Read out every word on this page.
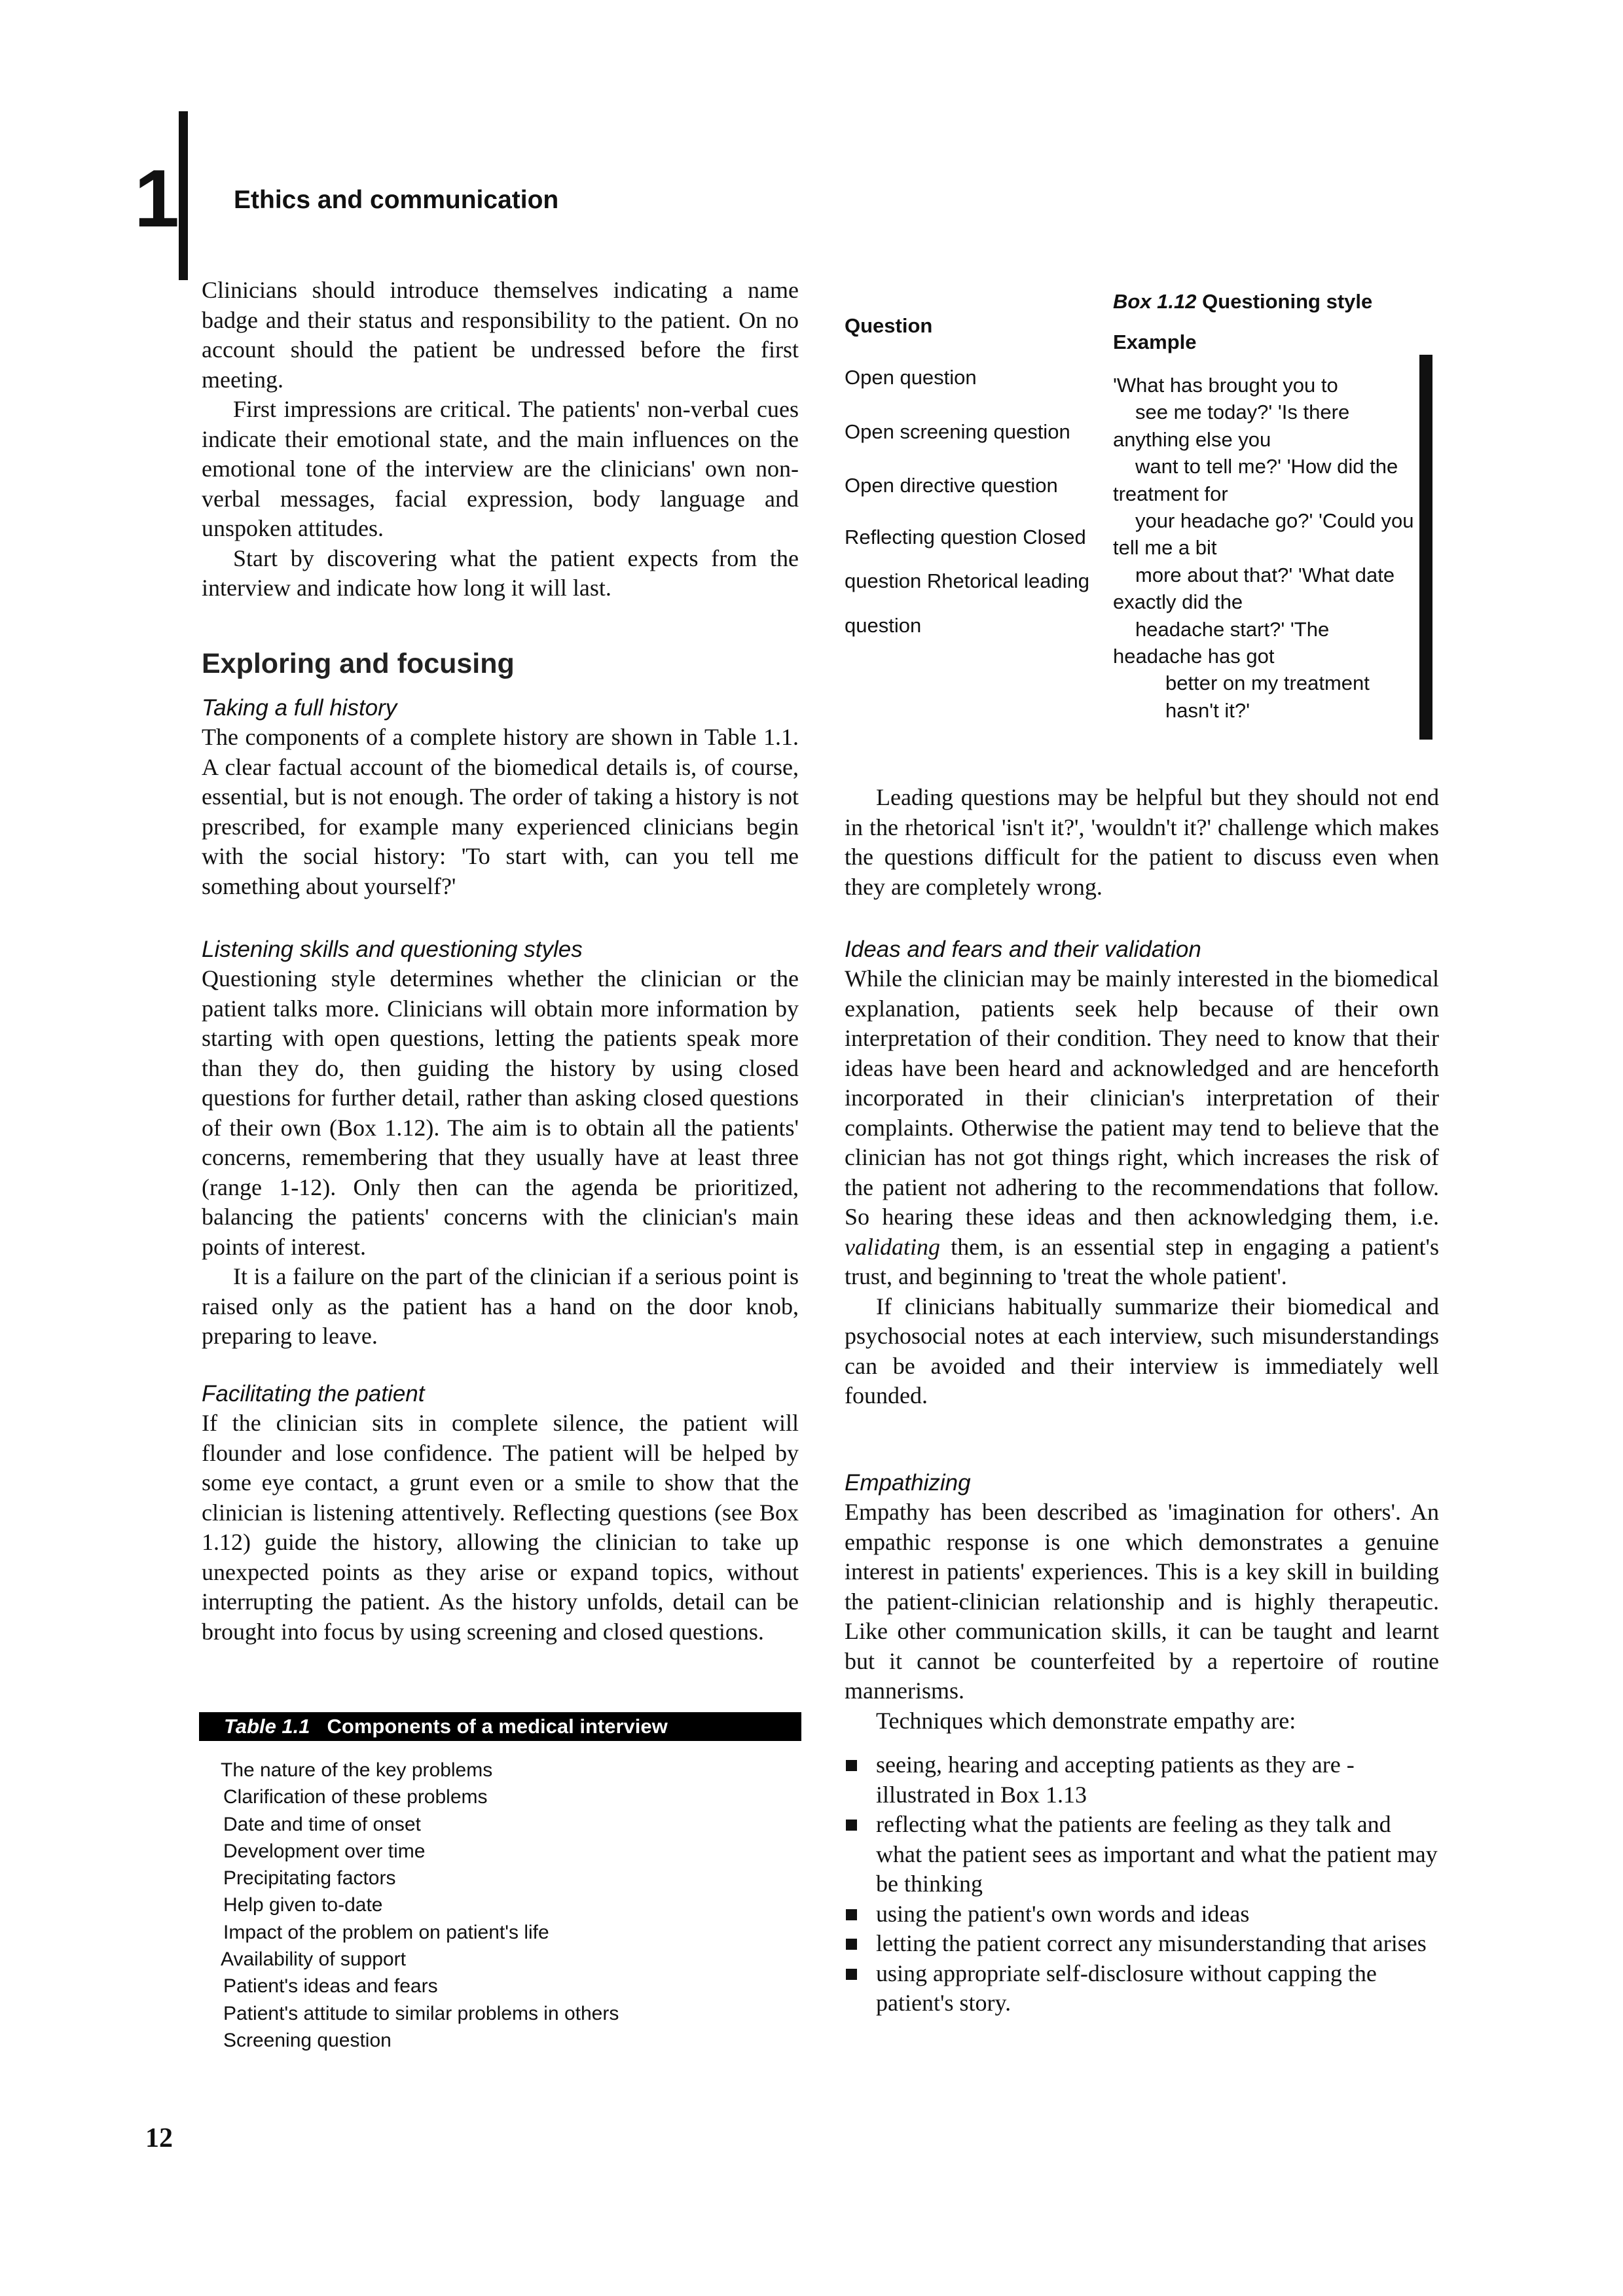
1 Ethics and communication

Clinicians should introduce themselves indicating a name badge and their status and responsibility to the patient. On no account should the patient be undressed before the first meeting.

First impressions are critical. The patients' non-verbal cues indicate their emotional state, and the main influences on the emotional tone of the interview are the clinicians' own non-verbal messages, facial expression, body language and unspoken attitudes.

Start by discovering what the patient expects from the interview and indicate how long it will last.

Exploring and focusing

Taking a full history

The components of a complete history are shown in Table 1.1. A clear factual account of the biomedical details is, of course, essential, but is not enough. The order of taking a history is not prescribed, for example many experienced clinicians begin with the social history: 'To start with, can you tell me something about yourself?'

Listening skills and questioning styles

Questioning style determines whether the clinician or the patient talks more. Clinicians will obtain more information by starting with open questions, letting the patients speak more than they do, then guiding the history by using closed questions for further detail, rather than asking closed questions of their own (Box 1.12). The aim is to obtain all the patients' concerns, remembering that they usually have at least three (range 1-12). Only then can the agenda be prioritized, balancing the patients' concerns with the clinician's main points of interest.

It is a failure on the part of the clinician if a serious point is raised only as the patient has a hand on the door knob, preparing to leave.

Facilitating the patient

If the clinician sits in complete silence, the patient will flounder and lose confidence. The patient will be helped by some eye contact, a grunt even or a smile to show that the clinician is listening attentively. Reflecting questions (see Box 1.12) guide the history, allowing the clinician to take up unexpected points as they arise or expand topics, without interrupting the patient. As the history unfolds, detail can be brought into focus by using screening and closed questions.

Table 1.1 Components of a medical interview
The nature of the key problems
Clarification of these problems
Date and time of onset
Development over time
Precipitating factors
Help given to-date
Impact of the problem on patient's life
Availability of support
Patient's ideas and fears
Patient's attitude to similar problems in others
Screening question
Box 1.12 Questioning style
Question
Example
Open question
Open screening question
Open directive question
Reflecting question Closed
question Rhetorical leading
question
'What has brought you to
see me today?' 'Is there
anything else you
want to tell me?' 'How did the
treatment for
your headache go?' 'Could you
tell me a bit
more about that?' 'What date
exactly did the
headache start?' 'The
headache has got
better on my treatment
hasn't it?'

Leading questions may be helpful but they should not end in the rhetorical 'isn't it?', 'wouldn't it?' challenge which makes the questions difficult for the patient to discuss even when they are completely wrong.

Ideas and fears and their validation

While the clinician may be mainly interested in the biomedical explanation, patients seek help because of their own interpretation of their condition. They need to know that their ideas have been heard and acknowledged and are henceforth incorporated in their clinician's interpretation of their complaints. Otherwise the patient may tend to believe that the clinician has not got things right, which increases the risk of the patient not adhering to the recommendations that follow. So hearing these ideas and then acknowledging them, i.e. validating them, is an essential step in engaging a patient's trust, and beginning to 'treat the whole patient'.

If clinicians habitually summarize their biomedical and psychosocial notes at each interview, such misunderstandings can be avoided and their interview is immediately well founded.

Empathizing

Empathy has been described as 'imagination for others'. An empathic response is one which demonstrates a genuine interest in patients' experiences. This is a key skill in building the patient-clinician relationship and is highly therapeutic. Like other communication skills, it can be taught and learnt but it cannot be counterfeited by a repertoire of routine mannerisms.

Techniques which demonstrate empathy are:

seeing, hearing and accepting patients as they are - illustrated in Box 1.13
reflecting what the patients are feeling as they talk and what the patient sees as important and what the patient may be thinking
using the patient's own words and ideas
letting the patient correct any misunderstanding that arises
using appropriate self-disclosure without capping the patient's story.
12
